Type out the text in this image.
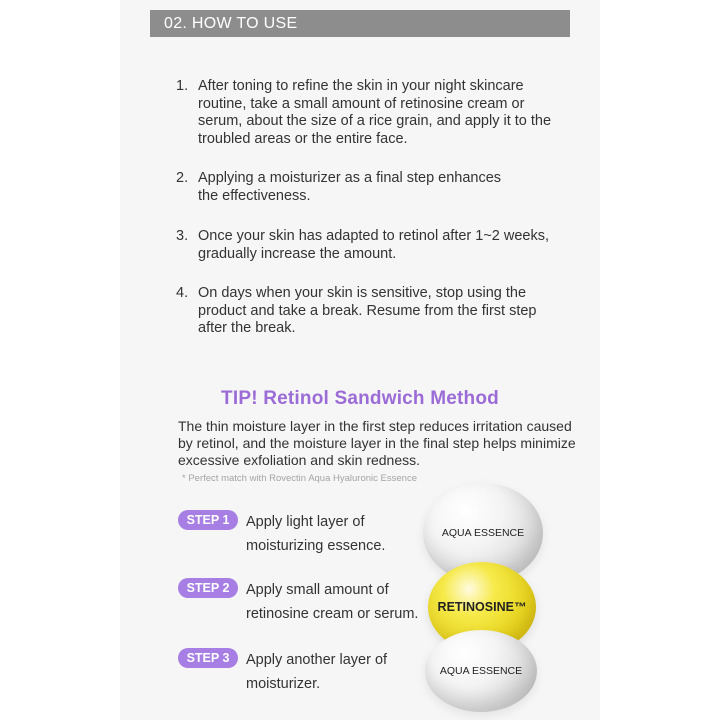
02. HOW TO USE
1. After toning to refine the skin in your night skincare routine, take a small amount of retinosine cream or serum, about the size of a rice grain, and apply it to the troubled areas or the entire face.
2. Applying a moisturizer as a final step enhances the effectiveness.
3. Once your skin has adapted to retinol after 1~2 weeks, gradually increase the amount.
4. On days when your skin is sensitive, stop using the product and take a break. Resume from the first step after the break.
TIP! Retinol Sandwich Method
The thin moisture layer in the first step reduces irritation caused by retinol, and the moisture layer in the final step helps minimize excessive exfoliation and skin redness.
* Perfect match with Rovectin Aqua Hyaluronic Essence
STEP 1	Apply light layer of moisturizing essence.
STEP 2	Apply small amount of retinosine cream or serum.
STEP 3	Apply another layer of moisturizer.
AQUA ESSENCE
RETINOSINE™
AQUA ESSENCE
